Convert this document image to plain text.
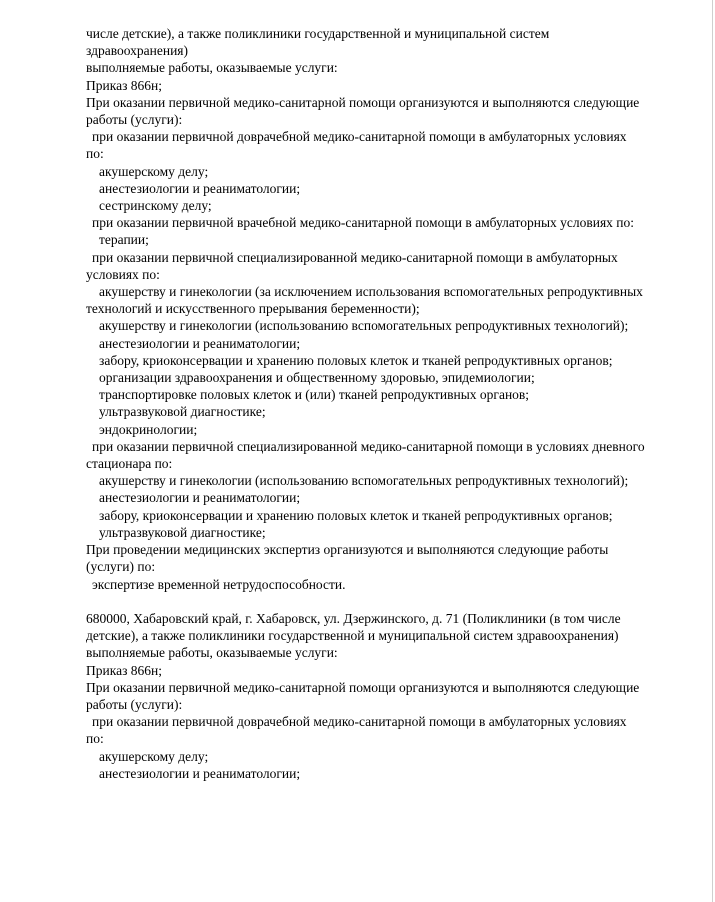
числе детские), а также поликлиники государственной и муниципальной систем
здравоохранения)
выполняемые работы, оказываемые услуги:
Приказ 866н;
При оказании первичной медико-санитарной помощи организуются и выполняются следующие
работы (услуги):
при оказании первичной доврачебной медико-санитарной помощи в амбулаторных условиях
по:
акушерскому делу;
анестезиологии и реаниматологии;
сестринскому делу;
при оказании первичной врачебной медико-санитарной помощи в амбулаторных условиях по:
терапии;
при оказании первичной специализированной медико-санитарной помощи в амбулаторных
условиях по:
акушерству и гинекологии (за исключением использования вспомогательных репродуктивных
технологий и искусственного прерывания беременности);
акушерству и гинекологии (использованию вспомогательных репродуктивных технологий);
анестезиологии и реаниматологии;
забору, криоконсервации и хранению половых клеток и тканей репродуктивных органов;
организации здравоохранения и общественному здоровью, эпидемиологии;
транспортировке половых клеток и (или) тканей репродуктивных органов;
ультразвуковой диагностике;
эндокринологии;
при оказании первичной специализированной медико-санитарной помощи в условиях дневного
стационара по:
акушерству и гинекологии (использованию вспомогательных репродуктивных технологий);
анестезиологии и реаниматологии;
забору, криоконсервации и хранению половых клеток и тканей репродуктивных органов;
ультразвуковой диагностике;
При проведении медицинских экспертиз организуются и выполняются следующие работы
(услуги) по:
экспертизе временной нетрудоспособности.
680000, Хабаровский край, г. Хабаровск, ул. Дзержинского, д. 71 (Поликлиники (в том числе
детские), а также поликлиники государственной и муниципальной систем здравоохранения)
выполняемые работы, оказываемые услуги:
Приказ 866н;
При оказании первичной медико-санитарной помощи организуются и выполняются следующие
работы (услуги):
при оказании первичной доврачебной медико-санитарной помощи в амбулаторных условиях
по:
акушерскому делу;
анестезиологии и реаниматологии;
